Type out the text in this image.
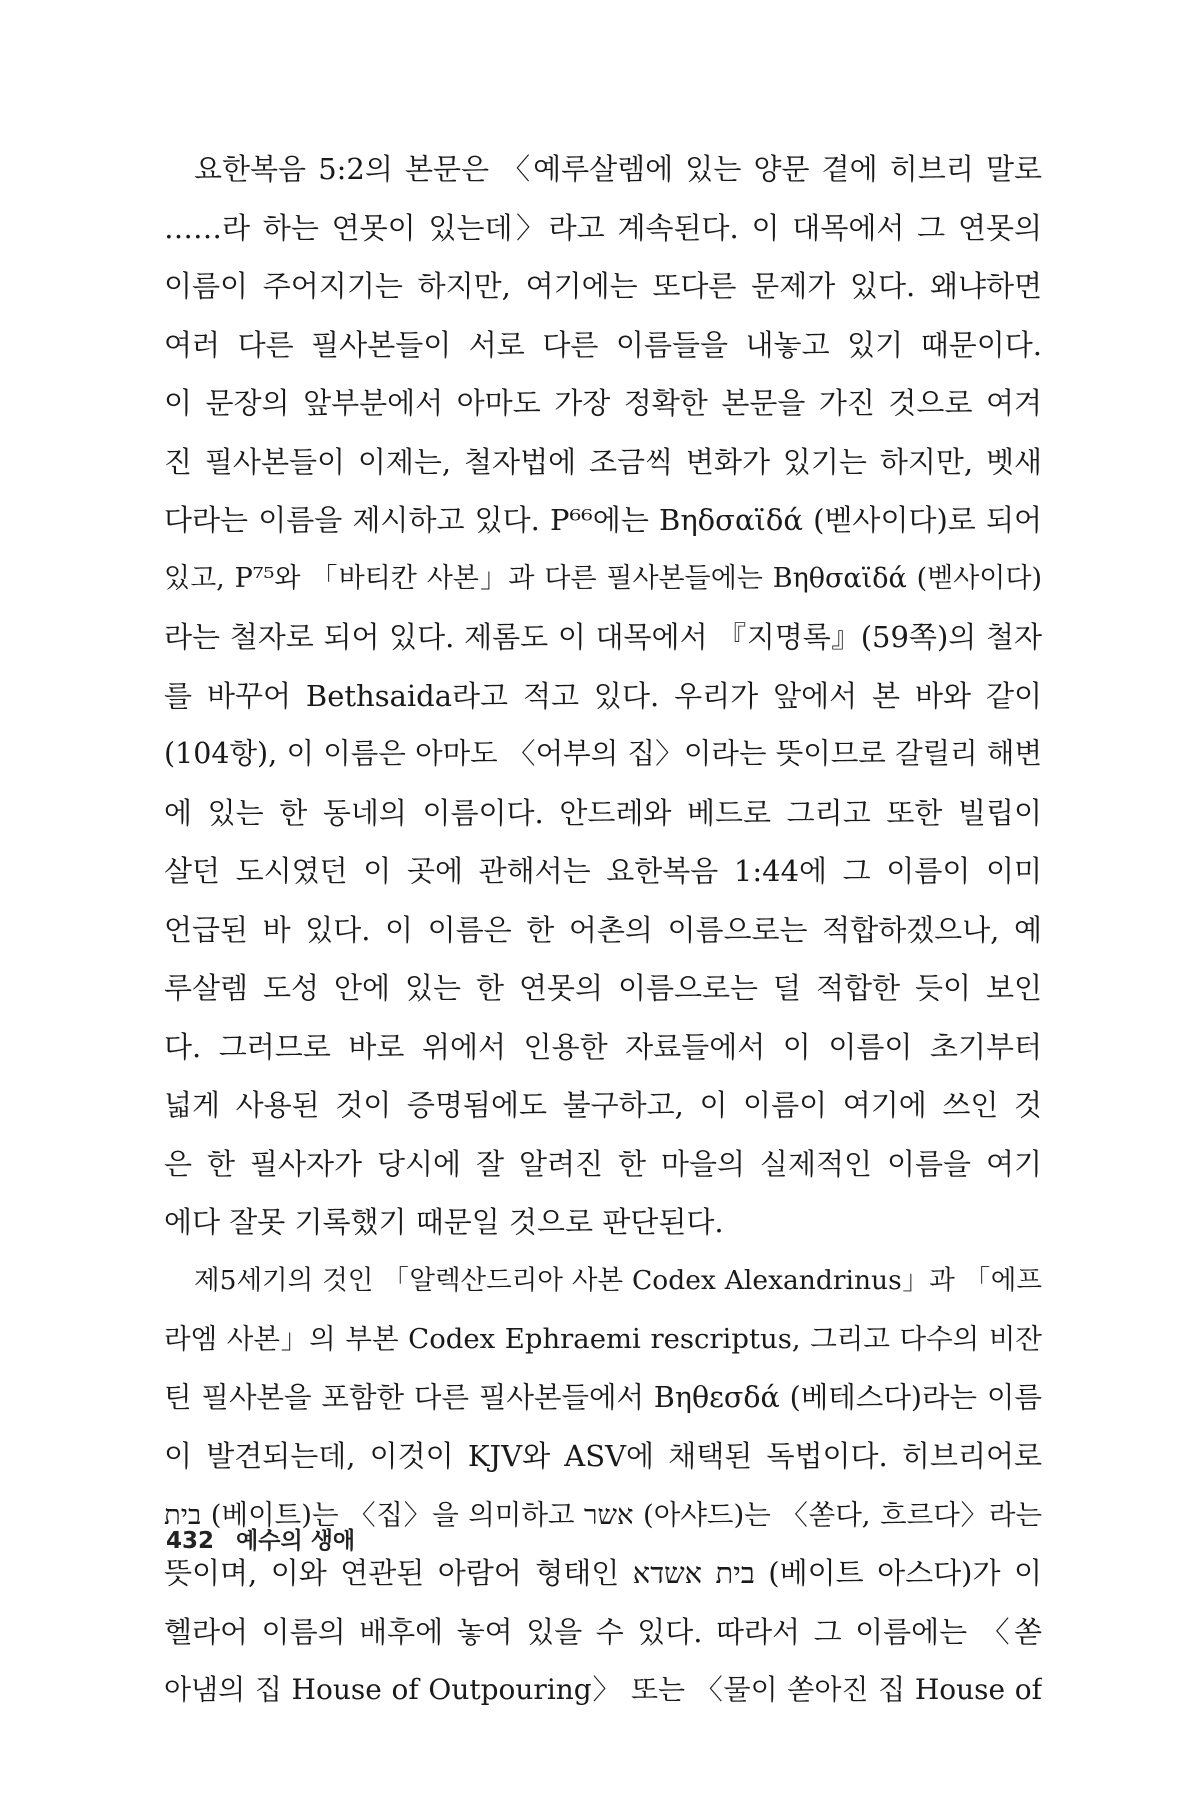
요한복음 5:2의 본문은 〈예루살렘에 있는 양문 곁에 히브리 말로
……라 하는 연못이 있는데〉라고 계속된다. 이 대목에서 그 연못의
이름이 주어지기는 하지만, 여기에는 또다른 문제가 있다. 왜냐하면
여러 다른 필사본들이 서로 다른 이름들을 내놓고 있기 때문이다.
이 문장의 앞부분에서 아마도 가장 정확한 본문을 가진 것으로 여겨
진 필사본들이 이제는, 철자법에 조금씩 변화가 있기는 하지만, 벳새
다라는 이름을 제시하고 있다. P⁶⁶에는 Βηδσαϊδά (벧사이다)로 되어
있고, P⁷⁵와 「바티칸 사본」과 다른 필사본들에는 Βηθσαϊδά (벧사이다)
라는 철자로 되어 있다. 제롬도 이 대목에서 『지명록』(59쪽)의 철자
를 바꾸어 Bethsaida라고 적고 있다. 우리가 앞에서 본 바와 같이
(104항), 이 이름은 아마도 〈어부의 집〉이라는 뜻이므로 갈릴리 해변
에 있는 한 동네의 이름이다. 안드레와 베드로 그리고 또한 빌립이
살던 도시였던 이 곳에 관해서는 요한복음 1:44에 그 이름이 이미
언급된 바 있다. 이 이름은 한 어촌의 이름으로는 적합하겠으나, 예
루살렘 도성 안에 있는 한 연못의 이름으로는 덜 적합한 듯이 보인
다. 그러므로 바로 위에서 인용한 자료들에서 이 이름이 초기부터
넓게 사용된 것이 증명됨에도 불구하고, 이 이름이 여기에 쓰인 것
은 한 필사자가 당시에 잘 알려진 한 마을의 실제적인 이름을 여기
에다 잘못 기록했기 때문일 것으로 판단된다.
제5세기의 것인 「알렉산드리아 사본 Codex Alexandrinus」과 「에프
라엠 사본」의 부본 Codex Ephraemi rescriptus, 그리고 다수의 비잔
틴 필사본을 포함한 다른 필사본들에서 Βηθεσδά (베테스다)라는 이름
이 발견되는데, 이것이 KJV와 ASV에 채택된 독법이다. 히브리어로
בית (베이트)는 〈집〉을 의미하고 אשר (아샤드)는 〈쏟다, 흐르다〉라는
뜻이며, 이와 연관된 아람어 형태인 בית אשדא (베이트 아스다)가 이
헬라어 이름의 배후에 놓여 있을 수 있다. 따라서 그 이름에는 〈쏟
아냄의 집 House of Outpouring〉 또는 〈물이 쏟아진 집 House of
432 예수의 생애
